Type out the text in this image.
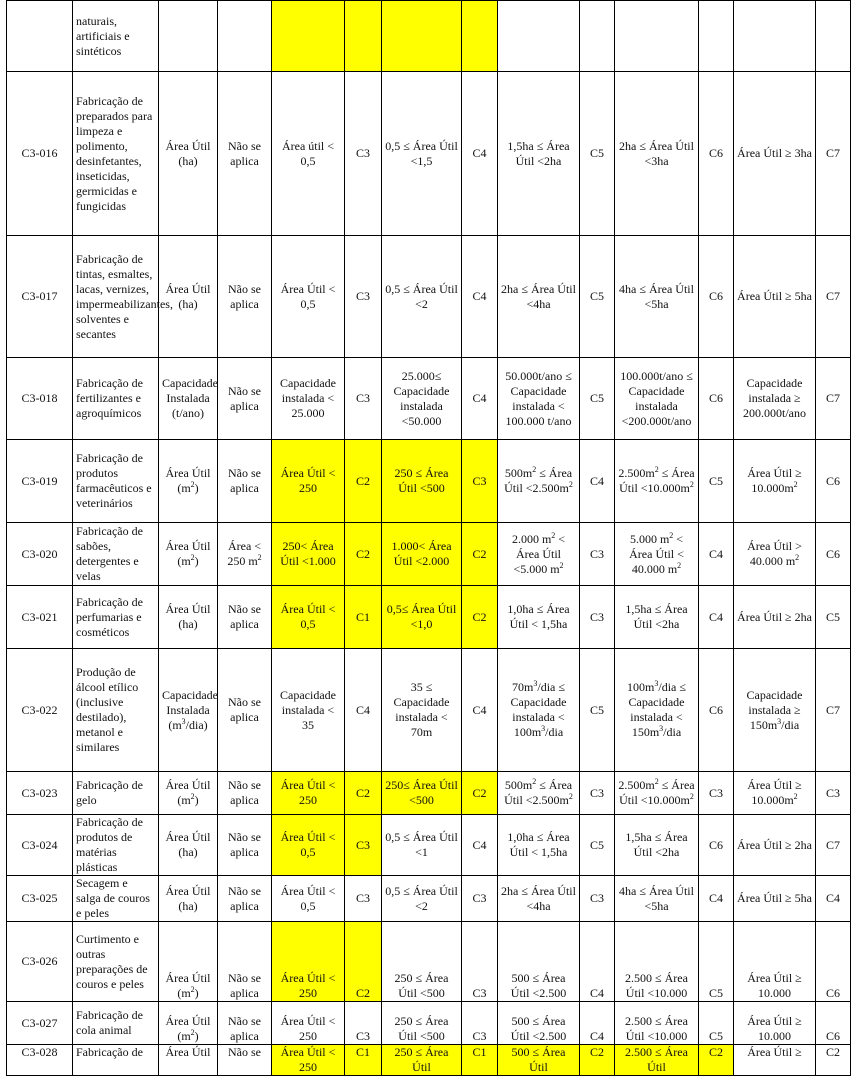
	naturais, artificiais e sintéticos												
C3-016	Fabricação de preparados para limpeza e polimento, desinfetantes, inseticidas, germicidas e fungicidas	Área Útil (ha)	Não se aplica	Área útil < 0,5	C3	0,5 ≤ Área Útil <1,5	C4	1,5ha ≤ Área Útil <2ha	C5	2ha ≤ Área Útil <3ha	C6	Área Útil ≥ 3ha	C7
C3-017	Fabricação de tintas, esmaltes, lacas, vernizes, impermeabilizantes, solventes e secantes	Área Útil (ha)	Não se aplica	Área Útil < 0,5	C3	0,5 ≤ Área Útil <2	C4	2ha ≤ Área Útil <4ha	C5	4ha ≤ Área Útil <5ha	C6	Área Útil ≥ 5ha	C7
C3-018	Fabricação de fertilizantes e agroquímicos	Capacidade Instalada (t/ano)	Não se aplica	Capacidade instalada < 25.000	C3	25.000≤ Capacidade instalada <50.000	C4	50.000t/ano ≤ Capacidade instalada < 100.000 t/ano	C5	100.000t/ano ≤ Capacidade instalada <200.000t/ano	C6	Capacidade instalada ≥ 200.000t/ano	C7
C3-019	Fabricação de produtos farmacêuticos e veterinários	Área Útil $(m^2)$	Não se aplica	Área Útil < 250	C2	250 ≤ Área Útil <500	C3	$500m^2$ ≤ Área Útil $<2.500m^2$	C4	$2.500m^2$ ≤ Área Útil $<10.000m^2$	C5	Área Útil ≥ $10.000m^2$	C6
C3-020	Fabricação de sabões, detergentes e velas	Área Útil $(m^2)$	Área < 250 $m^2$	250< Área Útil <1.000	C2	1.000< Área Útil <2.000	C2	2.000 $m^2$ < Área Útil <5.000 $m^2$	C3	5.000 $m^2$ < Área Útil < 40.000 $m^2$	C4	Área Útil > 40.000 $m^2$	C6
C3-021	Fabricação de perfumarias e cosméticos	Área Útil (ha)	Não se aplica	Área Útil < 0,5	C1	0,5≤ Área Útil <1,0	C2	1,0ha ≤ Área Útil < 1,5ha	C3	1,5ha ≤ Área Útil <2ha	C4	Área Útil ≥ 2ha	C5
C3-022	Produção de álcool etílico (inclusive destilado), metanol e similares	Capacidade Instalada $(m^3/dia)$	Não se aplica	Capacidade instalada < 35	C4	35 ≤ Capacidade instalada < 70m	C4	$70m^3$/dia ≤ Capacidade instalada < $100m^3$/dia	C5	$100m^3$/dia ≤ Capacidade instalada < $150m^3$/dia	C6	Capacidade instalada ≥ $150m^3$/dia	C7
C3-023	Fabricação de gelo	Área Útil $(m^2)$	Não se aplica	Área Útil < 250	C2	250≤ Área Útil <500	C2	$500m^2$ ≤ Área Útil $<2.500m^2$	C3	$2.500m^2$ ≤ Área Útil $<10.000m^2$	C3	Área Útil ≥ $10.000m^2$	C3
C3-024	Fabricação de produtos de matérias plásticas	Área Útil (ha)	Não se aplica	Área Útil < 0,5	C3	0,5 ≤ Área Útil <1	C4	1,0ha ≤ Área Útil < 1,5ha	C5	1,5ha ≤ Área Útil <2ha	C6	Área Útil ≥ 2ha	C7
C3-025	Secagem e salga de couros e peles	Área Útil (ha)	Não se aplica	Área Útil < 0,5	C3	0,5 ≤ Área Útil <2	C3	2ha ≤ Área Útil <4ha	C3	4ha ≤ Área Útil <5ha	C4	Área Útil ≥ 5ha	C4
C3-026	Curtimento e outras preparações de couros e peles	Área Útil $(m^2)$	Não se aplica	Área Útil < 250	C2	250 ≤ Área Útil <500	C3	500 ≤ Área Útil <2.500	C4	2.500 ≤ Área Útil <10.000	C5	Área Útil ≥ 10.000	C6
C3-027	Fabricação de cola animal	Área Útil $(m^2)$	Não se aplica	Área Útil < 250	C3	250 ≤ Área Útil <500	C3	500 ≤ Área Útil <2.500	C4	2.500 ≤ Área Útil <10.000	C5	Área Útil ≥ 10.000	C6
C3-028	Fabricação de	Área Útil	Não se	Área Útil < 250	C1	250 ≤ Área Útil	C1	500 ≤ Área Útil	C2	2.500 ≤ Área Útil	C2	Área Útil ≥	C2
